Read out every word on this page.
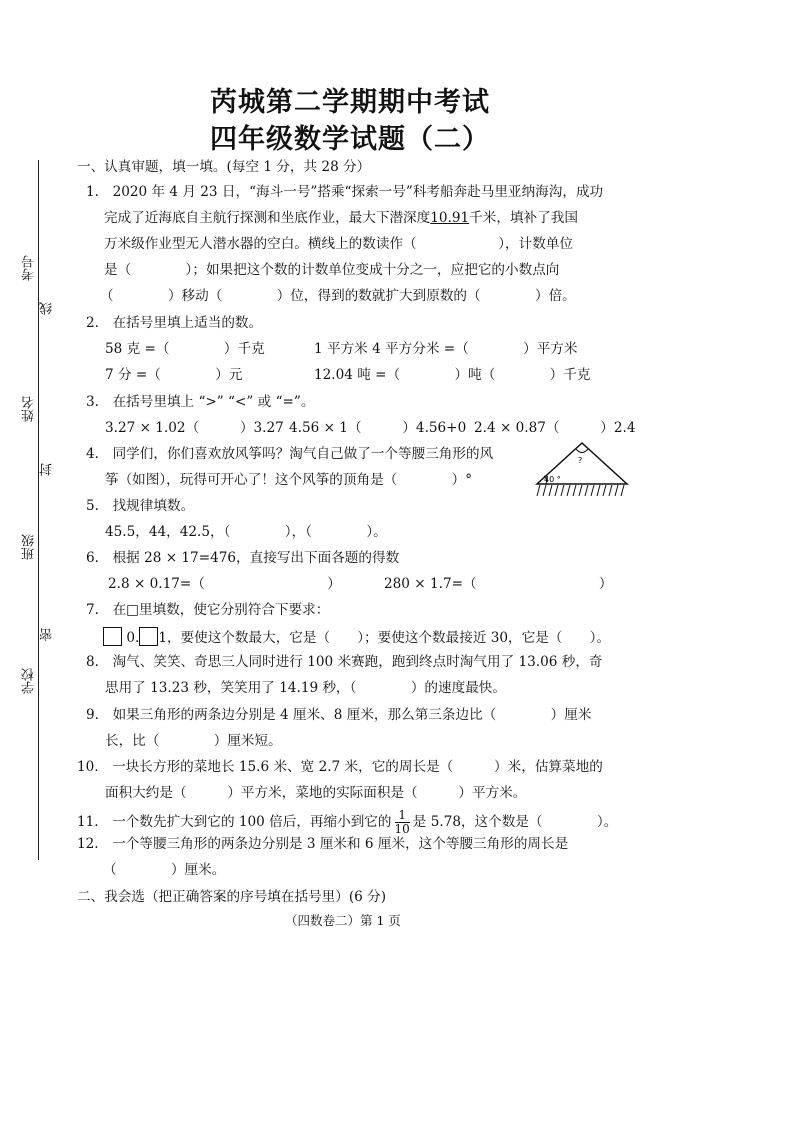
芮城第二学期期中考试
四年级数学试题（二）
考号
线
姓名
封
班级
密
学校
一、认真审题，填一填。(每空 1 分，共 28 分）
1.　2020 年 4 月 23 日，“海斗一号”搭乘“探索一号”科考船奔赴马里亚纳海沟，成功
完成了近海底自主航行探测和坐底作业，最大下潜深度10.91千米，填补了我国
万米级作业型无人潜水器的空白。横线上的数读作（　　　　　　），计数单位
是（　　　　）；如果把这个数的计数单位变成十分之一，应把它的小数点向
（　　　　）移动（　　　　）位，得到的数就扩大到原数的（　　　　）倍。
2.　在括号里填上适当的数。
58 克 =（　　　　）千克	1 平方米 4 平方分米 =（　　　　）平方米
7 分 =（　　　　）元	12.04 吨 =（　　　　）吨（　　　　）千克
3.　在括号里填上 “>” “<” 或 “=”。
3.27 × 1.02（　　　）3.27 4.56 × 1（　　　）4.56+0 2.4 × 0.87（　　　）2.4
4.　同学们，你们喜欢放风筝吗？淘气自己做了一个等腰三角形的风
筝（如图），玩得可开心了！这个风筝的顶角是（　　　　）°
?
40 °
5.　找规律填数。
45.5，44，42.5，（　　　　），（　　　　）。
6.　根据 28 × 17=476，直接写出下面各题的得数
2.8 × 0.17=（　　　　　　　　　）	280 × 1.7=（　　　　　　　　　）
7.　在□里填数，使它分别符合下要求：
0. 1，要使这个数最大，它是（　　）；要使这个数最接近 30，它是（　　）。
8.　淘气、笑笑、奇思三人同时进行 100 米赛跑，跑到终点时淘气用了 13.06 秒，奇
思用了 13.23 秒，笑笑用了 14.19 秒，（　　　　）的速度最快。
9.　如果三角形的两条边分别是 4 厘米、8 厘米，那么第三条边比（　　　　）厘米
长，比（　　　　）厘米短。
10.　一块长方形的菜地长 15.6 米、宽 2.7 米，它的周长是（　　　）米，估算菜地的
面积大约是（　　　）平方米，菜地的实际面积是（　　　）平方米。
11.　一个数先扩大到它的 100 倍后，再缩小到它的 $\frac{1}{10}$ 是 5.78，这个数是（　　　　）。
12.　一个等腰三角形的两条边分别是 3 厘米和 6 厘米，这个等腰三角形的周长是
（　　　　）厘米。
二、我会选（把正确答案的序号填在括号里）(6 分)
（四数卷二）第 1 页
